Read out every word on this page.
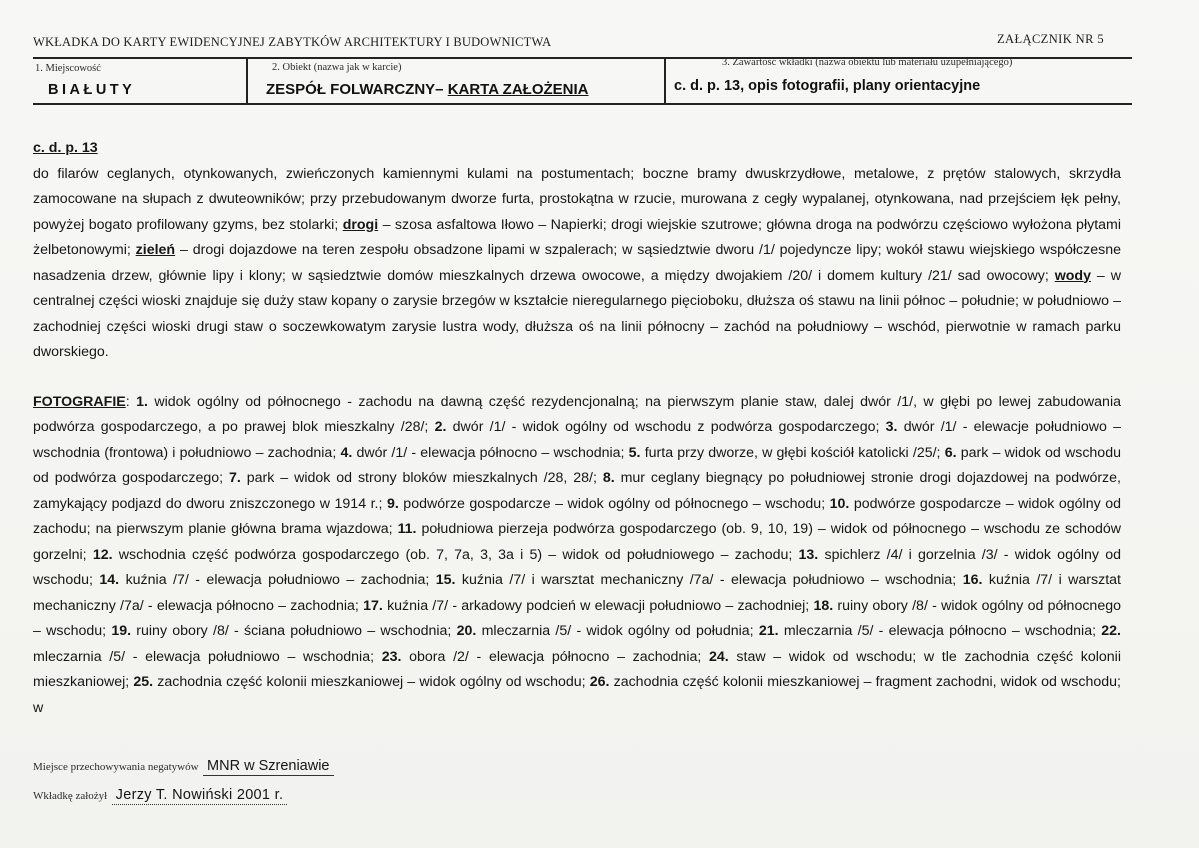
WKŁADKA DO KARTY EWIDENCYJNEJ ZABYTKÓW ARCHITEKTURY I BUDOWNICTWA	ZAŁĄCZNIK NR 5
1. Miejscowość
BIAŁUTY
2. Obiekt (nazwa jak w karcie)
ZESPÓŁ FOLWARCZNY– KARTA ZAŁOŻENIA
3. Zawartość wkładki (nazwa obiektu lub materiału uzupełniającego)
c. d. p. 13, opis fotografii, plany orientacyjne
c. d. p. 13

do filarów ceglanych, otynkowanych, zwieńczonych kamiennymi kulami na postumentach; boczne bramy dwuskrzydłowe, metalowe, z prętów stalowych, skrzydła zamocowane na słupach z dwuteowników; przy przebudowanym dworze furta, prostokątna w rzucie, murowana z cegły wypalanej, otynkowana, nad przejściem łęk pełny, powyżej bogato profilowany gzyms, bez stolarki; drogi – szosa asfaltowa Iłowo – Napierki; drogi wiejskie szutrowe; główna droga na podwórzu częściowo wyłożona płytami żelbetonowymi; zieleń – drogi dojazdowe na teren zespołu obsadzone lipami w szpalerach; w sąsiedztwie dworu /1/ pojedyncze lipy; wokół stawu wiejskiego współczesne nasadzenia drzew, głównie lipy i klony; w sąsiedztwie domów mieszkalnych drzewa owocowe, a między dwojakiem /20/ i domem kultury /21/ sad owocowy; wody – w centralnej części wioski znajduje się duży staw kopany o zarysie brzegów w kształcie nieregularnego pięcioboku, dłuższa oś stawu na linii północ – południe; w południowo – zachodniej części wioski drugi staw o soczewkowatym zarysie lustra wody, dłuższa oś na linii północny – zachód na południowy – wschód, pierwotnie w ramach parku dworskiego.

FOTOGRAFIE: 1. widok ogólny od północnego - zachodu na dawną część rezydencjonalną; na pierwszym planie staw, dalej dwór /1/, w głębi po lewej zabudowania podwórza gospodarczego, a po prawej blok mieszkalny /28/; 2. dwór /1/ - widok ogólny od wschodu z podwórza gospodarczego; 3. dwór /1/ - elewacje południowo – wschodnia (frontowa) i południowo – zachodnia; 4. dwór /1/ - elewacja północno – wschodnia; 5. furta przy dworze, w głębi kościół katolicki /25/; 6. park – widok od wschodu od podwórza gospodarczego; 7. park – widok od strony bloków mieszkalnych /28, 28/; 8. mur ceglany biegnący po południowej stronie drogi dojazdowej na podwórze, zamykający podjazd do dworu zniszczonego w 1914 r.; 9. podwórze gospodarcze – widok ogólny od północnego – wschodu; 10. podwórze gospodarcze – widok ogólny od zachodu; na pierwszym planie główna brama wjazdowa; 11. południowa pierzeja podwórza gospodarczego (ob. 9, 10, 19) – widok od północnego – wschodu ze schodów gorzelni; 12. wschodnia część podwórza gospodarczego (ob. 7, 7a, 3, 3a i 5) – widok od południowego – zachodu; 13. spichlerz /4/ i gorzelnia /3/ - widok ogólny od wschodu; 14. kuźnia /7/ - elewacja południowo – zachodnia; 15. kuźnia /7/ i warsztat mechaniczny /7a/ - elewacja południowo – wschodnia; 16. kuźnia /7/ i warsztat mechaniczny /7a/ - elewacja północno – zachodnia; 17. kuźnia /7/ - arkadowy podcień w elewacji południowo – zachodniej; 18. ruiny obory /8/ - widok ogólny od północnego – wschodu; 19. ruiny obory /8/ - ściana południowo – wschodnia; 20. mleczarnia /5/ - widok ogólny od południa; 21. mleczarnia /5/ - elewacja północno – wschodnia; 22. mleczarnia /5/ - elewacja południowo – wschodnia; 23. obora /2/ - elewacja północno – zachodnia; 24. staw – widok od wschodu; w tle zachodnia część kolonii mieszkaniowej; 25. zachodnia część kolonii mieszkaniowej – widok ogólny od wschodu; 26. zachodnia część kolonii mieszkaniowej – fragment zachodni, widok od wschodu; w

Miejsce przechowywania negatywów MNR w Szreniawie
Wkładkę założył Jerzy T. Nowiński 2001 r.
